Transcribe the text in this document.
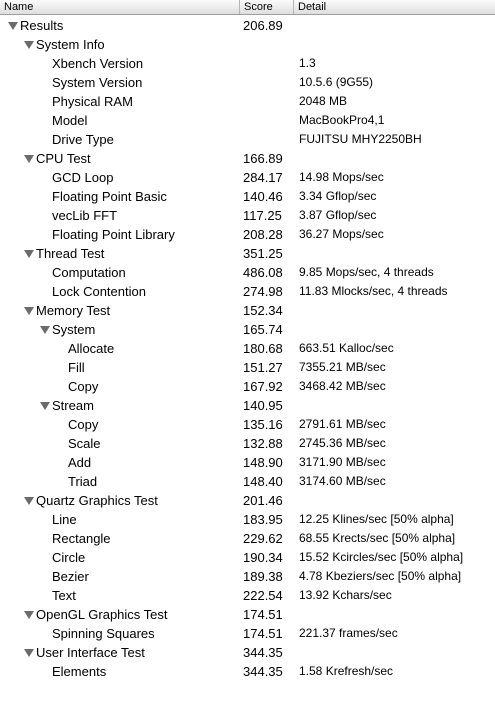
Name	Score	Detail
Results	206.89
System Info
Xbench Version	1.3
System Version	10.5.6 (9G55)
Physical RAM	2048 MB
Model	MacBookPro4,1
Drive Type	FUJITSU MHY2250BH
CPU Test	166.89
GCD Loop	284.17 14.98 Mops/sec
Floating Point Basic	140.46 3.34 Gflop/sec
vecLib FFT	117.25 3.87 Gflop/sec
Floating Point Library	208.28 36.27 Mops/sec
Thread Test	351.25
Computation	486.08 9.85 Mops/sec, 4 threads
Lock Contention	274.98 11.83 Mlocks/sec, 4 threads
Memory Test	152.34
System	165.74
Allocate	180.68 663.51 Kalloc/sec
Fill	151.27 7355.21 MB/sec
Copy	167.92 3468.42 MB/sec
Stream	140.95
Copy	135.16 2791.61 MB/sec
Scale	132.88 2745.36 MB/sec
Add	148.90 3171.90 MB/sec
Triad	148.40 3174.60 MB/sec
Quartz Graphics Test	201.46
Line	183.95 12.25 Klines/sec [50% alpha]
Rectangle	229.62 68.55 Krects/sec [50% alpha]
Circle	190.34 15.52 Kcircles/sec [50% alpha]
Bezier	189.38 4.78 Kbeziers/sec [50% alpha]
Text	222.54 13.92 Kchars/sec
OpenGL Graphics Test	174.51
Spinning Squares	174.51 221.37 frames/sec
User Interface Test	344.35
Elements	344.35 1.58 Krefresh/sec
